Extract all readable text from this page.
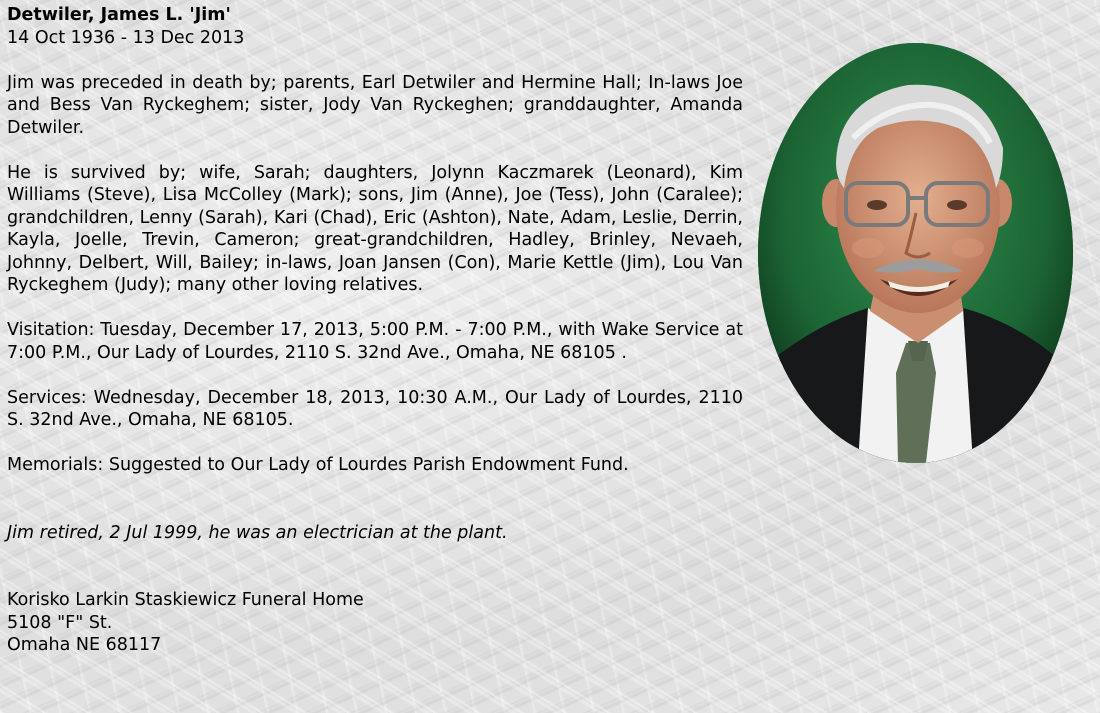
Detwiler, James L. 'Jim'

14 Oct 1936 - 13 Dec 2013

Jim was preceded in death by; parents, Earl Detwiler and Hermine Hall; In-laws Joe and Bess Van Ryckeghem; sister, Jody Van Ryckeghen; granddaughter, Amanda Detwiler.

He is survived by; wife, Sarah; daughters, Jolynn Kaczmarek (Leonard), Kim Williams (Steve), Lisa McColley (Mark); sons, Jim (Anne), Joe (Tess), John (Caralee); grandchildren, Lenny (Sarah), Kari (Chad), Eric (Ashton), Nate, Adam, Leslie, Derrin, Kayla, Joelle, Trevin, Cameron; great-grandchildren, Hadley, Brinley, Nevaeh, Johnny, Delbert, Will, Bailey; in-laws, Joan Jansen (Con), Marie Kettle (Jim), Lou Van Ryckeghem (Judy); many other loving relatives.

Visitation: Tuesday, December 17, 2013, 5:00 P.M. - 7:00 P.M., with Wake Service at 7:00 P.M., Our Lady of Lourdes, 2110 S. 32nd Ave., Omaha, NE 68105 .

Services: Wednesday, December 18, 2013, 10:30 A.M., Our Lady of Lourdes, 2110 S. 32nd Ave., Omaha, NE 68105.

Memorials: Suggested to Our Lady of Lourdes Parish Endowment Fund.

Jim retired, 2 Jul 1999, he was an electrician at the plant.

Korisko Larkin Staskiewicz Funeral Home

5108 "F" St.

Omaha NE 68117
